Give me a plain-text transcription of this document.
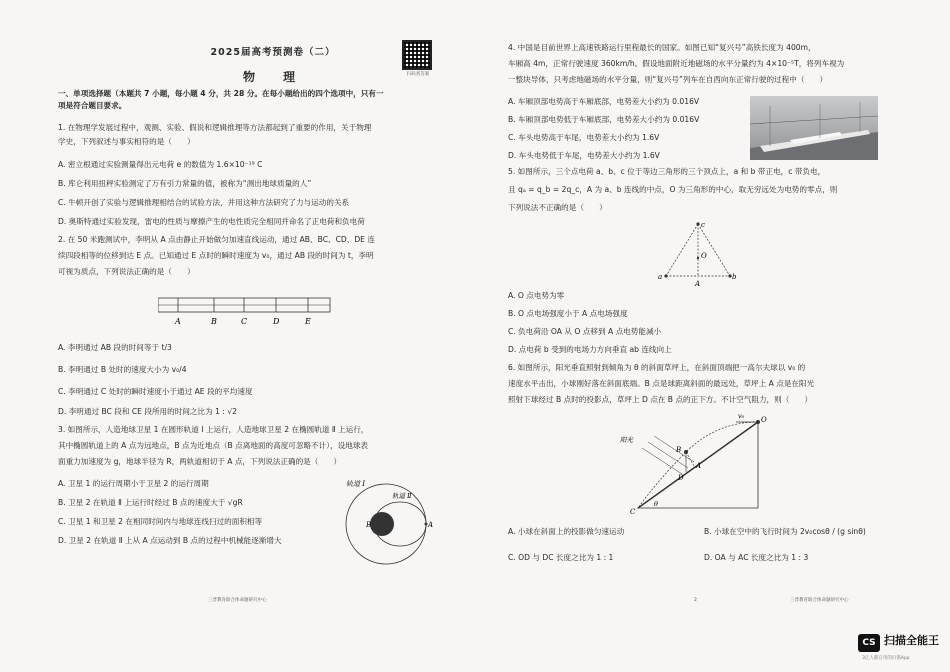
2025届高考预测卷（二）
物　理	扫码查答案
一、单项选择题（本题共 7 小题，每小题 4 分，共 28 分。在每小题给出的四个选项中，只有一
项是符合题目要求。
1. 在物理学发展过程中，观测、实验、假说和逻辑推理等方法都起到了重要的作用，关于物理
学史，下列叙述与事实相符的是（　　）
A. 密立根通过实验测量得出元电荷 e 的数值为 1.6×10⁻¹⁹ C
B. 库仑利用扭秤实验测定了万有引力常量的值，被称为“测出地球质量的人”
C. 牛顿开创了实验与逻辑推理相结合的试验方法，并用这种方法研究了力与运动的关系
D. 奥斯特通过实验发现，雷电的性质与摩擦产生的电性质完全相同并命名了正电荷和负电荷
2. 在 50 米跑测试中，李明从 A 点由静止开始做匀加速直线运动，通过 AB、BC、CD、DE 连
续四段相等的位移到达 E 点。已知通过 E 点时的瞬时速度为 v₀，通过 AB 段的时间为 t，李明
可视为质点，下列说法正确的是（　　）
A	B	C	D	E
A. 李明通过 AB 段的时间等于 t/3
B. 李明通过 B 处时的速度大小为 v₀/4
C. 李明通过 C 处时的瞬时速度小于通过 AE 段的平均速度
D. 李明通过 BC 段和 CE 段所用的时间之比为 1 : √2
3. 如图所示，人造地球卫星 1 在圆形轨道 Ⅰ 上运行，人造地球卫星 2 在椭圆轨道 Ⅱ 上运行，
其中椭圆轨道上的 A 点为远地点，B 点为近地点（B 点离地面的高度可忽略不计），设地球表
面重力加速度为 g，地球半径为 R，两轨道相切于 A 点，下列说法正确的是（　　）
A. 卫星 1 的运行周期小于卫星 2 的运行周期
B. 卫星 2 在轨道 Ⅱ 上运行时经过 B 点的速度大于 √gR
C. 卫星 1 和卫星 2 在相同时间内与地球连线扫过的面积相等
D. 卫星 2 在轨道 Ⅱ 上从 A 点运动到 B 点的过程中机械能逐渐增大
轨道 Ⅰ
轨道 Ⅱ
A
B
三晋教育联合体命题研究中心
4. 中国是目前世界上高速铁路运行里程最长的国家。如图已知“复兴号”高铁长度为 400m，
车厢高 4m，正常行驶速度 360km/h。假设地面附近地磁场的水平分量约为 4×10⁻⁵T，将列车视为
一整块导体，只考虑地磁场的水平分量，则“复兴号”列车在自西向东正常行驶的过程中（　　）
A. 车厢顶部电势高于车厢底部，电势差大小约为 0.016V
B. 车厢顶部电势低于车厢底部，电势差大小约为 0.016V
C. 车头电势高于车尾，电势差大小约为 1.6V
D. 车头电势低于车尾，电势差大小约为 1.6V
5. 如图所示，三个点电荷 a、b、c 位于等边三角形的三个顶点上，a 和 b 带正电，c 带负电，
且 qₐ = q_b = 2q_c，A 为 a、b 连线的中点，O 为三角形的中心，取无穷远处为电势的零点，则
下列说法不正确的是（　　）
c
O
a
A
b
A. O 点电势为零
B. O 点电场强度小于 A 点电场强度
C. 负电荷沿 OA 从 O 点移到 A 点电势能减小
D. 点电荷 b 受到的电场力方向垂直 ab 连线向上
6. 如图所示，阳光垂直照射到倾角为 θ 的斜面草坪上，在斜面顶端把一高尔夫球以 v₀ 的
速度水平击出，小球刚好落在斜面底端。B 点是球距离斜面的最远处，草坪上 A 点是在阳光
照射下球经过 B 点时的投影点，草坪上 D 点在 B 点的正下方。不计空气阻力，则（　　）
阳光
v₀ O
B
A
D
C
θ
A. 小球在斜面上的投影做匀速运动	B. 小球在空中的飞行时间为 2v₀cosθ / (g sinθ)
C. OD 与 DC 长度之比为 1 : 1	D. OA 与 AC 长度之比为 1 : 3
2	三晋教育联合体命题研究中心
CS 扫描全能王
3亿人都在用的扫描App
